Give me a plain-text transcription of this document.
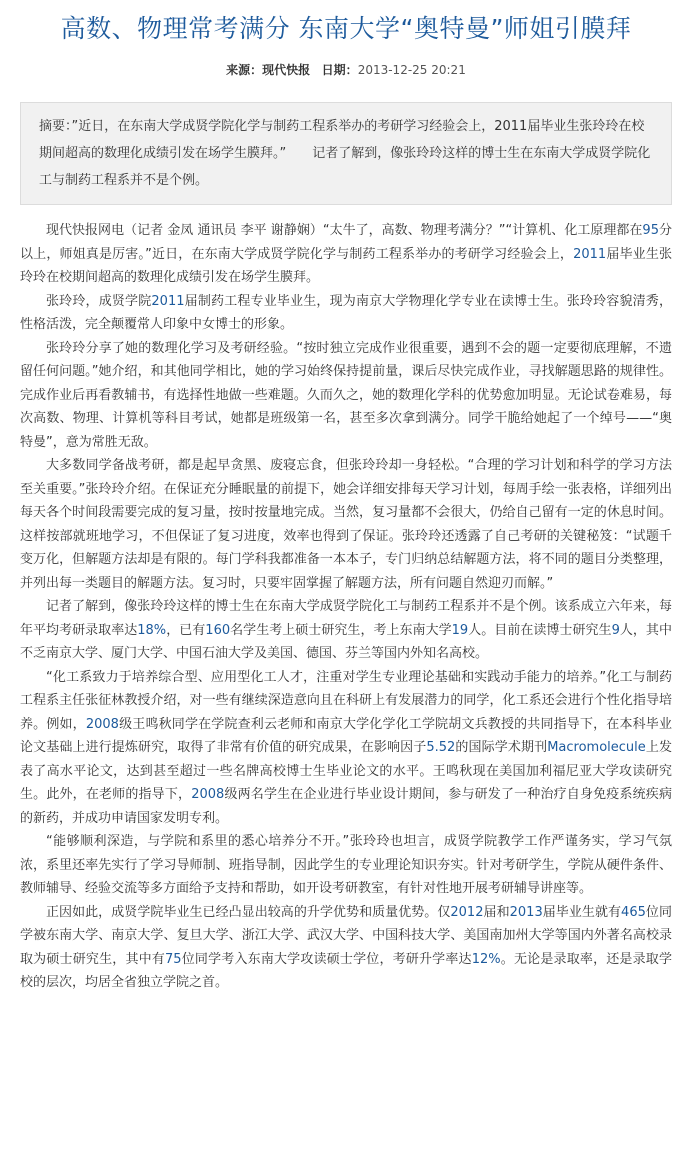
高数、物理常考满分 东南大学“奥特曼”师姐引膜拜
来源：现代快报 日期：2013-12-25 20:21
摘要：”近日，在东南大学成贤学院化学与制药工程系举办的考研学习经验会上，2011届毕业生张玲玲在校期间超高的数理化成绩引发在场学生膜拜。”　　记者了解到，像张玲玲这样的博士生在东南大学成贤学院化工与制药工程系并不是个例。

现代快报网电（记者 金凤 通讯员 李平 谢静娴）“太牛了，高数、物理考满分？”“计算机、化工原理都在95分以上，师姐真是厉害。”近日，在东南大学成贤学院化学与制药工程系举办的考研学习经验会上，2011届毕业生张玲玲在校期间超高的数理化成绩引发在场学生膜拜。

张玲玲，成贤学院2011届制药工程专业毕业生，现为南京大学物理化学专业在读博士生。张玲玲容貌清秀，性格活泼，完全颠覆常人印象中女博士的形象。

张玲玲分享了她的数理化学习及考研经验。“按时独立完成作业很重要，遇到不会的题一定要彻底理解，不遗留任何问题。”她介绍，和其他同学相比，她的学习始终保持提前量，课后尽快完成作业，寻找解题思路的规律性。完成作业后再看教辅书，有选择性地做一些难题。久而久之，她的数理化学科的优势愈加明显。无论试卷难易，每次高数、物理、计算机等科目考试，她都是班级第一名，甚至多次拿到满分。同学干脆给她起了一个绰号——“奥特曼”，意为常胜无敌。

大多数同学备战考研，都是起早贪黑、废寝忘食，但张玲玲却一身轻松。“合理的学习计划和科学的学习方法至关重要。”张玲玲介绍。在保证充分睡眠量的前提下，她会详细安排每天学习计划，每周手绘一张表格，详细列出每天各个时间段需要完成的复习量，按时按量地完成。当然，复习量都不会很大，仍给自己留有一定的休息时间。这样按部就班地学习，不但保证了复习进度，效率也得到了保证。张玲玲还透露了自己考研的关键秘笈：“试题千变万化，但解题方法却是有限的。每门学科我都准备一本本子，专门归纳总结解题方法，将不同的题目分类整理，并列出每一类题目的解题方法。复习时，只要牢固掌握了解题方法，所有问题自然迎刃而解。”

记者了解到，像张玲玲这样的博士生在东南大学成贤学院化工与制药工程系并不是个例。该系成立六年来，每年平均考研录取率达18%，已有160名学生考上硕士研究生，考上东南大学19人。目前在读博士研究生9人，其中不乏南京大学、厦门大学、中国石油大学及美国、德国、芬兰等国内外知名高校。

“化工系致力于培养综合型、应用型化工人才，注重对学生专业理论基础和实践动手能力的培养。”化工与制药工程系主任张征林教授介绍，对一些有继续深造意向且在科研上有发展潜力的同学，化工系还会进行个性化指导培养。例如，2008级王鸣秋同学在学院查利云老师和南京大学化学化工学院胡文兵教授的共同指导下，在本科毕业论文基础上进行提炼研究，取得了非常有价值的研究成果，在影响因子5.52的国际学术期刊Macromolecule上发表了高水平论文，达到甚至超过一些名牌高校博士生毕业论文的水平。王鸣秋现在美国加利福尼亚大学攻读研究生。此外，在老师的指导下，2008级两名学生在企业进行毕业设计期间，参与研发了一种治疗自身免疫系统疾病的新药，并成功申请国家发明专利。

“能够顺利深造，与学院和系里的悉心培养分不开。”张玲玲也坦言，成贤学院教学工作严谨务实，学习气氛浓，系里还率先实行了学习导师制、班指导制，因此学生的专业理论知识夯实。针对考研学生，学院从硬件条件、教师辅导、经验交流等多方面给予支持和帮助，如开设考研教室，有针对性地开展考研辅导讲座等。

正因如此，成贤学院毕业生已经凸显出较高的升学优势和质量优势。仅2012届和2013届毕业生就有465位同学被东南大学、南京大学、复旦大学、浙江大学、武汉大学、中国科技大学、美国南加州大学等国内外著名高校录取为硕士研究生，其中有75位同学考入东南大学攻读硕士学位，考研升学率达12%。无论是录取率，还是录取学校的层次，均居全省独立学院之首。
